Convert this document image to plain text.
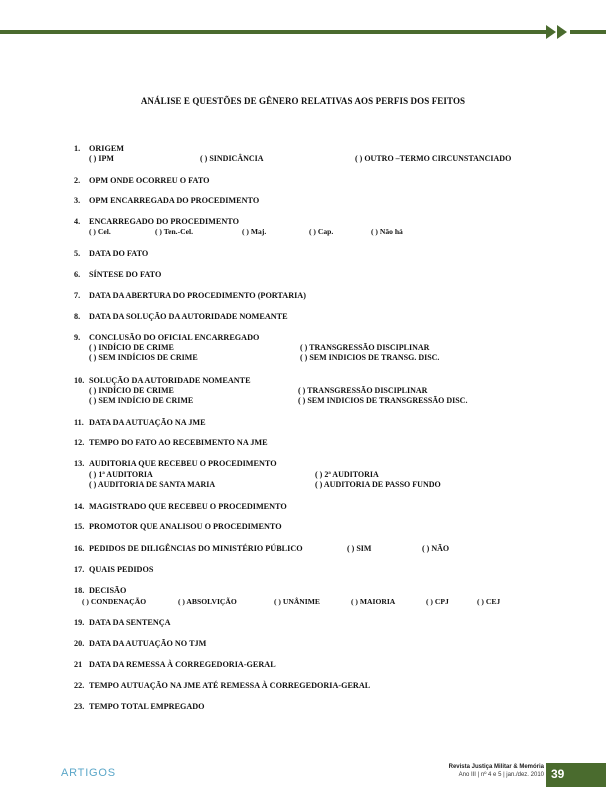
ANÁLISE E QUESTÕES DE GÊNERO RELATIVAS AOS PERFIS DOS FEITOS
1. ORIGEM
( ) IPM	( ) SINDICÂNCIA	( ) OUTRO –TERMO CIRCUNSTANCIADO
2. OPM ONDE OCORREU O FATO
3. OPM ENCARREGADA DO PROCEDIMENTO
4. ENCARREGADO DO PROCEDIMENTO
( ) Cel.	( ) Ten.-Cel.	( ) Maj.	( ) Cap.	( ) Não há
5. DATA DO FATO
6. SÍNTESE DO FATO
7. DATA DA ABERTURA DO PROCEDIMENTO (PORTARIA)
8. DATA DA SOLUÇÃO DA AUTORIDADE NOMEANTE
9. CONCLUSÃO DO OFICIAL ENCARREGADO
( ) INDÍCIO DE CRIME	( ) TRANSGRESSÃO DISCIPLINAR
( ) SEM INDÍCIOS DE CRIME	( ) SEM INDICIOS DE TRANSG. DISC.
10. SOLUÇÃO DA AUTORIDADE NOMEANTE
( ) INDÍCIO DE CRIME	( ) TRANSGRESSÃO DISCIPLINAR
( ) SEM INDÍCIO DE CRIME	( ) SEM INDICIOS DE TRANSGRESSÃO DISC.
11. DATA DA AUTUAÇÃO NA JME
12. TEMPO DO FATO AO RECEBIMENTO NA JME
13. AUDITORIA QUE RECEBEU O PROCEDIMENTO
( ) 1ª AUDITORIA	( ) 2ª AUDITORIA
( ) AUDITORIA DE SANTA MARIA	( ) AUDITORIA DE PASSO FUNDO
14. MAGISTRADO QUE RECEBEU O PROCEDIMENTO
15. PROMOTOR QUE ANALISOU O PROCEDIMENTO
16. PEDIDOS DE DILIGÊNCIAS DO MINISTÉRIO PÚBLICO	( ) SIM	( ) NÃO
17. QUAIS PEDIDOS
18. DECISÃO
( ) CONDENAÇÃO	( ) ABSOLVIÇÃO	( ) UNÂNIME	( ) MAIORIA	( ) CPJ	( ) CEJ
19. DATA DA SENTENÇA
20. DATA DA AUTUAÇÃO NO TJM
21 DATA DA REMESSA À CORREGEDORIA-GERAL
22. TEMPO AUTUAÇÃO NA JME ATÉ REMESSA À CORREGEDORIA-GERAL
23. TEMPO TOTAL EMPREGADO
ARTIGOS	Revista Justiça Militar & Memória
Ano III | nº 4 e 5 | jan./dez. 2010 39
